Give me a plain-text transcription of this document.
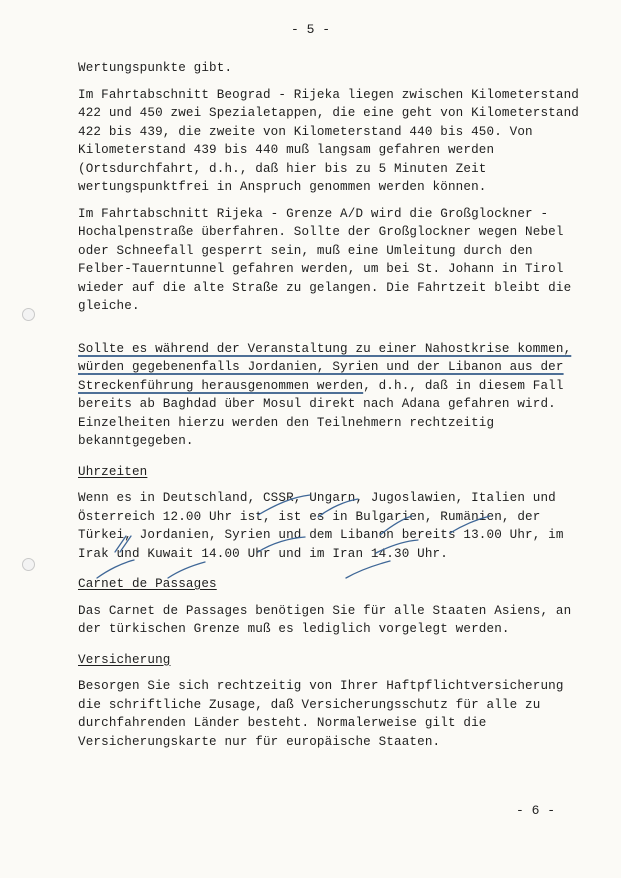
- 5 -

Wertungspunkte gibt.

Im Fahrtabschnitt Beograd - Rijeka liegen zwischen Kilometerstand 422 und 450 zwei Spezialetappen, die eine geht von Kilometerstand 422 bis 439, die zweite von Kilometerstand 440 bis 450. Von Kilometerstand 439 bis 440 muß langsam gefahren werden (Ortsdurchfahrt, d.h., daß hier bis zu 5 Minuten Zeit wertungspunktfrei in Anspruch genommen werden können.

Im Fahrtabschnitt Rijeka - Grenze A/D wird die Großglockner - Hochalpenstraße überfahren. Sollte der Großglockner wegen Nebel oder Schneefall gesperrt sein, muß eine Umleitung durch den Felber-Tauerntunnel gefahren werden, um bei St. Johann in Tirol wieder auf die alte Straße zu gelangen. Die Fahrtzeit bleibt die gleiche.

Sollte es während der Veranstaltung zu einer Nahostkrise kommen, würden gegebenenfalls Jordanien, Syrien und der Libanon aus der Streckenführung herausgenommen werden, d.h., daß in diesem Fall bereits ab Baghdad über Mosul direkt nach Adana gefahren wird. Einzelheiten hierzu werden den Teilnehmern rechtzeitig bekanntgegeben.

Uhrzeiten

Wenn es in Deutschland, CSSR, Ungarn, Jugoslawien, Italien und Österreich 12.00 Uhr ist, ist es in Bulgarien, Rumänien, der Türkei, Jordanien, Syrien und dem Libanon bereits 13.00 Uhr, im Irak und Kuwait 14.00 Uhr und im Iran 14.30 Uhr.

Carnet de Passages

Das Carnet de Passages benötigen Sie für alle Staaten Asiens, an der türkischen Grenze muß es lediglich vorgelegt werden.

Versicherung

Besorgen Sie sich rechtzeitig von Ihrer Haftpflichtversicherung die schriftliche Zusage, daß Versicherungsschutz für alle zu durchfahrenden Länder besteht. Normalerweise gilt die Versicherungskarte nur für europäische Staaten.

- 6 -
